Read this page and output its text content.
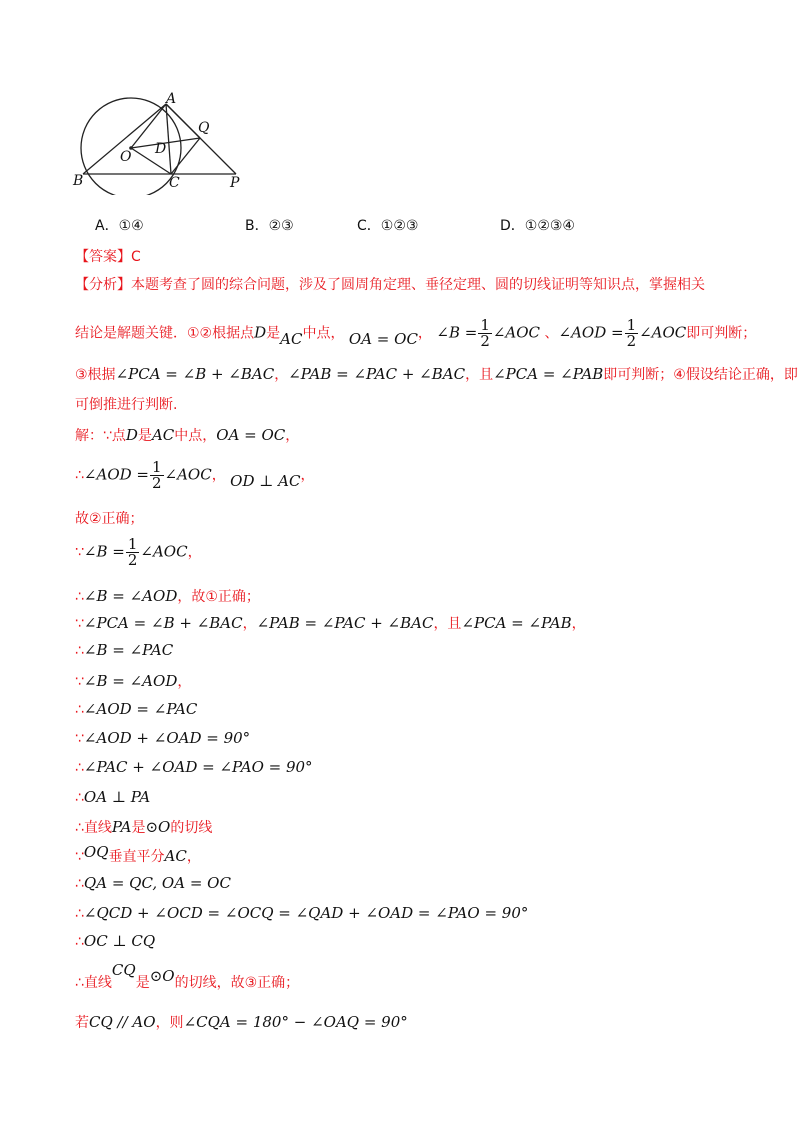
A
Q
O D
B	C	P
A．①④	B．②③	C．①②③	D．①②③④
【答案】C
【分析】本题考查了圆的综合问题，涉及了圆周角定理、垂径定理、圆的切线证明等知识点，掌握相关
结论是解题关键．①②根据点D是AC中点， OA = OC， ∠B = $\frac{1}{2}$ ∠AOC 、∠AOD = $\frac{1}{2}$ ∠AOC即可判断；
③根据∠PCA = ∠B + ∠BAC，∠PAB = ∠PAC + ∠BAC，且∠PCA = ∠PAB即可判断；④假设结论正确，即
可倒推进行判断.
解：∵点D是AC中点，OA = OC，
∴∠AOD = $\frac{1}{2}$ ∠AOC， OD ⊥ AC，
故②正确；
∵∠B = $\frac{1}{2}$ ∠AOC，
∴∠B = ∠AOD，故①正确；
∵∠PCA = ∠B + ∠BAC，∠PAB = ∠PAC + ∠BAC，且∠PCA = ∠PAB，
∴∠B = ∠PAC
∵∠B = ∠AOD，
∴∠AOD = ∠PAC
∵∠AOD + ∠OAD = 90°
∴∠PAC + ∠OAD = ∠PAO = 90°
∴OA ⊥ PA
∴直线PA是⊙O的切线
∵OQ垂直平分AC，
∴QA = QC, OA = OC
∴∠QCD + ∠OCD = ∠OCQ = ∠QAD + ∠OAD = ∠PAO = 90°
∴OC ⊥ CQ
∴直线CQ是⊙O的切线，故③正确；
若CQ // AO，则∠CQA = 180° − ∠OAQ = 90°
